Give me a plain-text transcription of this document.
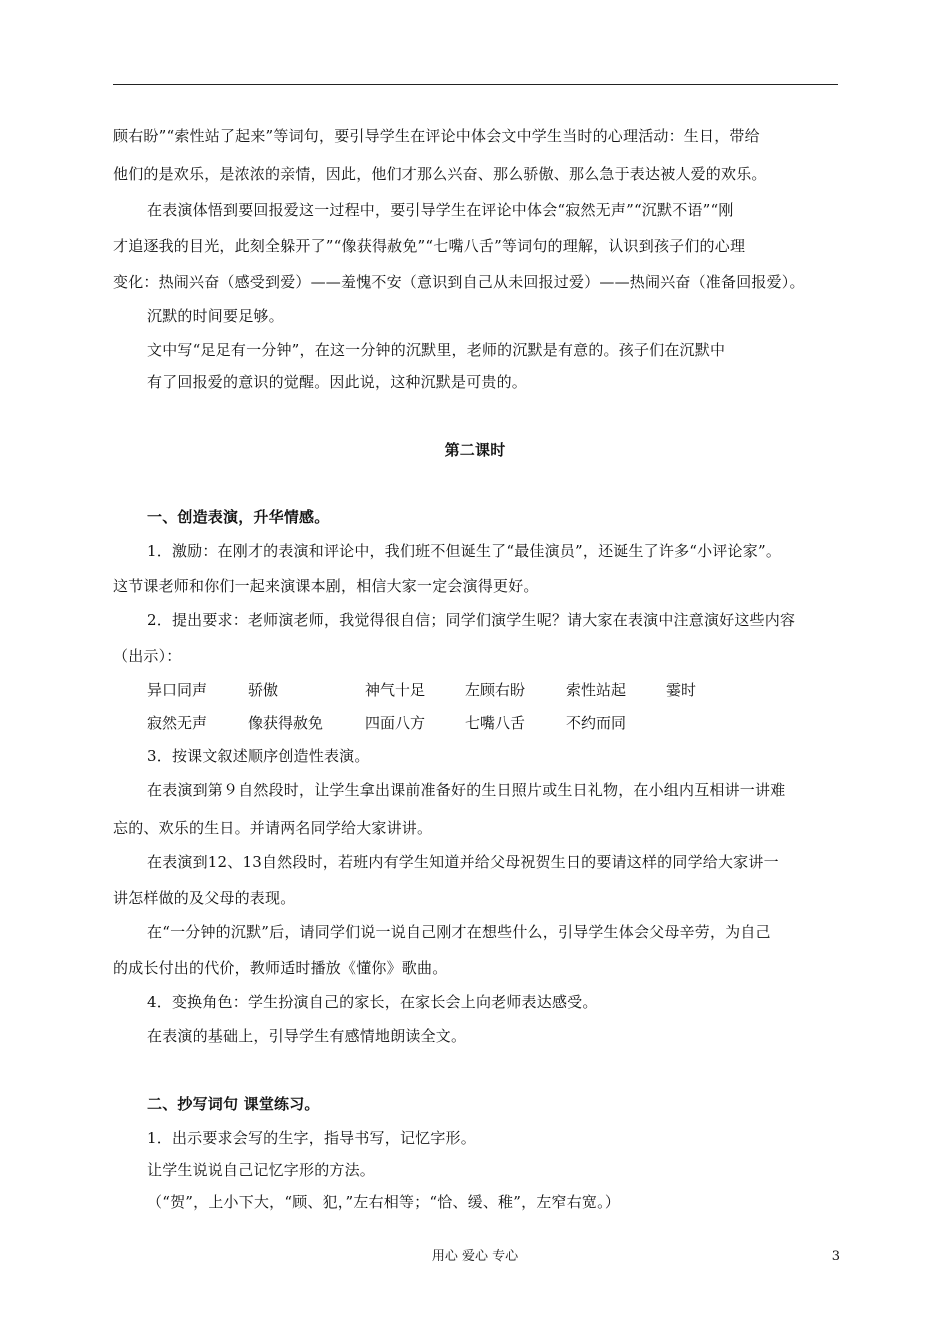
顾右盼”“索性站了起来”等词句，要引导学生在评论中体会文中学生当时的心理活动：生日，带给
他们的是欢乐，是浓浓的亲情，因此，他们才那么兴奋、那么骄傲、那么急于表达被人爱的欢乐。
在表演体悟到要回报爱这一过程中，要引导学生在评论中体会“寂然无声”“沉默不语”“刚
才追逐我的目光，此刻全躲开了”“像获得赦免”“七嘴八舌”等词句的理解，认识到孩子们的心理
变化：热闹兴奋（感受到爱）——羞愧不安（意识到自己从未回报过爱）——热闹兴奋（准备回报爱）。
沉默的时间要足够。
文中写“足足有一分钟”，在这一分钟的沉默里，老师的沉默是有意的。孩子们在沉默中
有了回报爱的意识的觉醒。因此说，这种沉默是可贵的。
第二课时
一、创造表演，升华情感。
1．激励：在刚才的表演和评论中，我们班不但诞生了“最佳演员”，还诞生了许多“小评论家”。
这节课老师和你们一起来演课本剧，相信大家一定会演得更好。
2．提出要求：老师演老师，我觉得很自信；同学们演学生呢？请大家在表演中注意演好这些内容
（出示）：
异口同声	骄傲	神气十足	左顾右盼	索性站起	霎时
寂然无声	像获得赦免	四面八方	七嘴八舌	不约而同
3．按课文叙述顺序创造性表演。
在表演到第９自然段时，让学生拿出课前准备好的生日照片或生日礼物，在小组内互相讲一讲难
忘的、欢乐的生日。并请两名同学给大家讲讲。
在表演到12、13自然段时，若班内有学生知道并给父母祝贺生日的要请这样的同学给大家讲一
讲怎样做的及父母的表现。
在“一分钟的沉默”后，请同学们说一说自己刚才在想些什么，引导学生体会父母辛劳，为自己
的成长付出的代价，教师适时播放《懂你》歌曲。
4．变换角色：学生扮演自己的家长，在家长会上向老师表达感受。
在表演的基础上，引导学生有感情地朗读全文。
二、抄写词句 课堂练习。
1．出示要求会写的生字，指导书写，记忆字形。
让学生说说自己记忆字形的方法。
（“贺”，上小下大，“顾、犯，”左右相等；“恰、缓、稚”，左窄右宽。）
用心 爱心 专心	3
